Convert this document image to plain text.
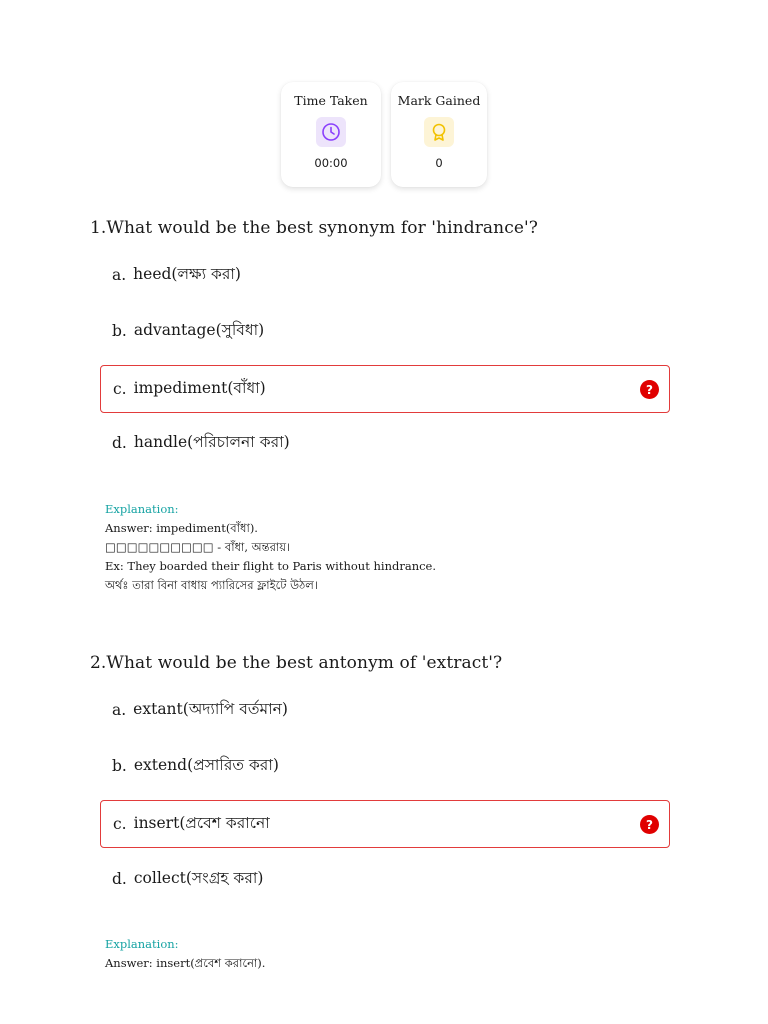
Time Taken
00:00
Mark Gained
0
1.What would be the best synonym for 'hindrance'?
a. heed(লক্ষ্য করা)
b. advantage(সুবিধা)
c. impediment(বাঁধা)	?
d. handle(পরিচালনা করা)
Explanation:
Answer: impediment(বাঁধা).
□□□□□□□□□□ - বাঁধা, অন্তরায়।
Ex: They boarded their flight to Paris without hindrance.
অর্থঃ তারা বিনা বাধায় প্যারিসের ফ্লাইটে উঠল।
2.What would be the best antonym of 'extract'?
a. extant(অদ্যাপি বর্তমান)
b. extend(প্রসারিত করা)
c. insert(প্রবেশ করানো	?
d. collect(সংগ্রহ করা)
Explanation:
Answer: insert(প্রবেশ করানো).
